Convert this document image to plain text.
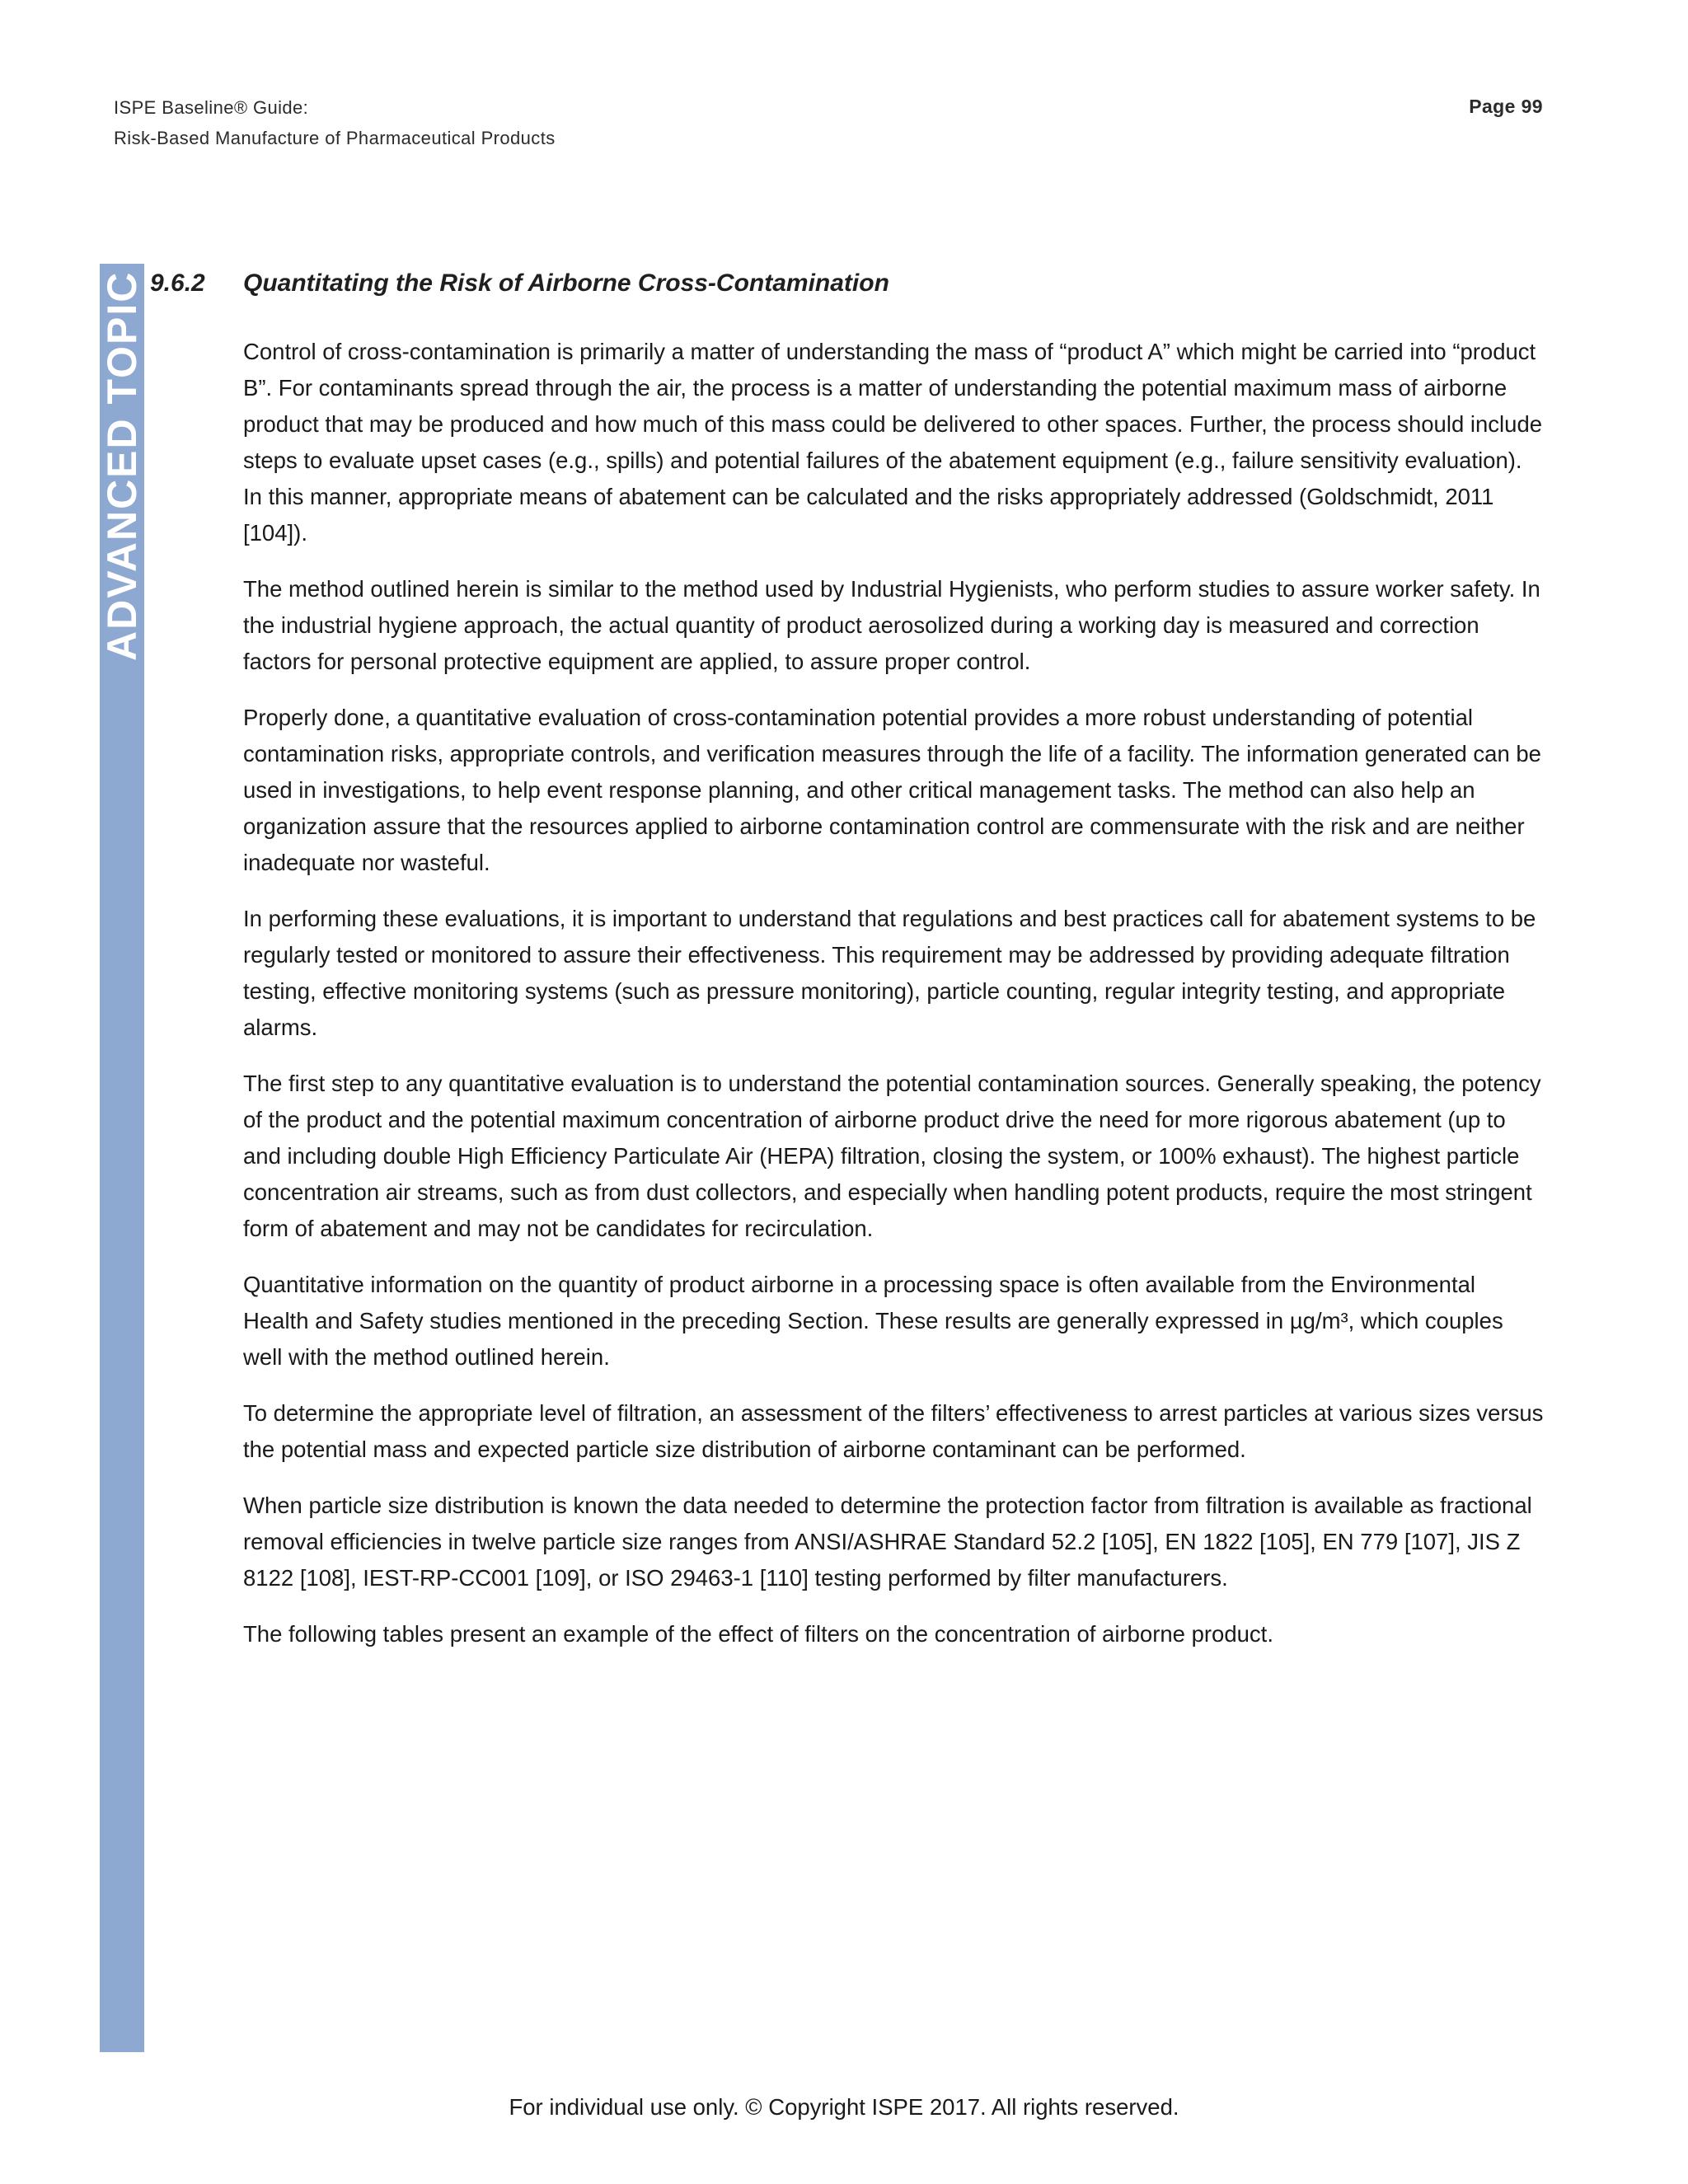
ISPE Baseline® Guide:
Risk-Based Manufacture of Pharmaceutical Products
Page 99
ADVANCED TOPIC 9.6.2 Quantitating the Risk of Airborne Cross-Contamination

Control of cross-contamination is primarily a matter of understanding the mass of “product A” which might be carried into “product B”. For contaminants spread through the air, the process is a matter of understanding the potential maximum mass of airborne product that may be produced and how much of this mass could be delivered to other spaces. Further, the process should include steps to evaluate upset cases (e.g., spills) and potential failures of the abatement equipment (e.g., failure sensitivity evaluation). In this manner, appropriate means of abatement can be calculated and the risks appropriately addressed (Goldschmidt, 2011 [104]).

The method outlined herein is similar to the method used by Industrial Hygienists, who perform studies to assure worker safety. In the industrial hygiene approach, the actual quantity of product aerosolized during a working day is measured and correction factors for personal protective equipment are applied, to assure proper control.

Properly done, a quantitative evaluation of cross-contamination potential provides a more robust understanding of potential contamination risks, appropriate controls, and verification measures through the life of a facility. The information generated can be used in investigations, to help event response planning, and other critical management tasks. The method can also help an organization assure that the resources applied to airborne contamination control are commensurate with the risk and are neither inadequate nor wasteful.

In performing these evaluations, it is important to understand that regulations and best practices call for abatement systems to be regularly tested or monitored to assure their effectiveness. This requirement may be addressed by providing adequate filtration testing, effective monitoring systems (such as pressure monitoring), particle counting, regular integrity testing, and appropriate alarms.

The first step to any quantitative evaluation is to understand the potential contamination sources. Generally speaking, the potency of the product and the potential maximum concentration of airborne product drive the need for more rigorous abatement (up to and including double High Efficiency Particulate Air (HEPA) filtration, closing the system, or 100% exhaust). The highest particle concentration air streams, such as from dust collectors, and especially when handling potent products, require the most stringent form of abatement and may not be candidates for recirculation.

Quantitative information on the quantity of product airborne in a processing space is often available from the Environmental Health and Safety studies mentioned in the preceding Section. These results are generally expressed in µg/m³, which couples well with the method outlined herein.

To determine the appropriate level of filtration, an assessment of the filters’ effectiveness to arrest particles at various sizes versus the potential mass and expected particle size distribution of airborne contaminant can be performed.

When particle size distribution is known the data needed to determine the protection factor from filtration is available as fractional removal efficiencies in twelve particle size ranges from ANSI/ASHRAE Standard 52.2 [105], EN 1822 [105], EN 779 [107], JIS Z 8122 [108], IEST-RP-CC001 [109], or ISO 29463-1 [110] testing performed by filter manufacturers.

The following tables present an example of the effect of filters on the concentration of airborne product.

For individual use only. © Copyright ISPE 2017. All rights reserved.
